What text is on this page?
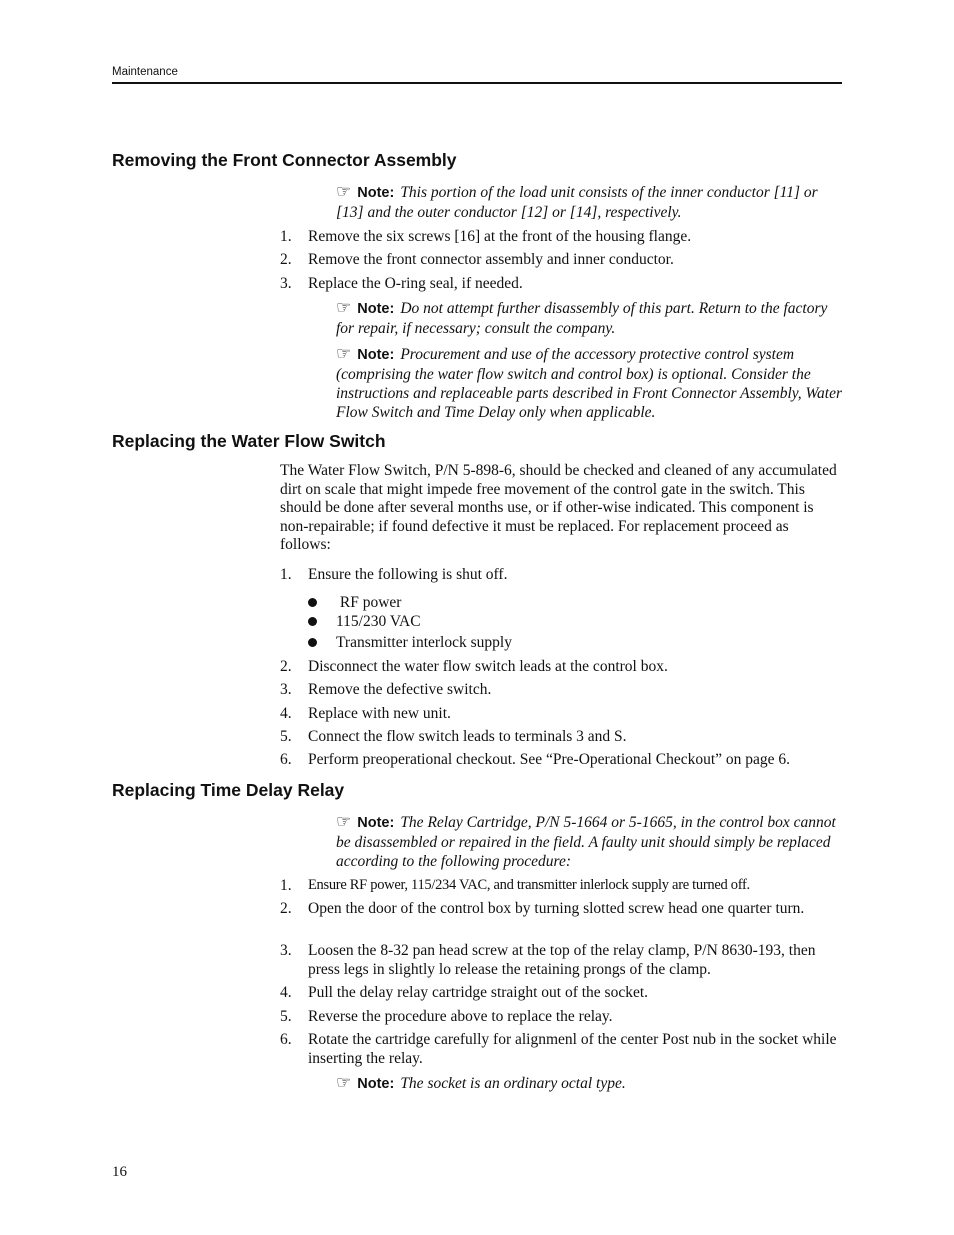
Maintenance
Removing the Front Connector Assembly
☞ Note: This portion of the load unit consists of the inner conductor [11] or [13] and the outer conductor [12] or [14], respectively.
1.	Remove the six screws [16] at the front of the housing flange.
2.	Remove the front connector assembly and inner conductor.
3.	Replace the O-ring seal, if needed.
☞ Note: Do not attempt further disassembly of this part. Return to the factory for repair, if necessary; consult the company.
☞ Note: Procurement and use of the accessory protective control system (comprising the water flow switch and control box) is optional. Consider the instructions and replaceable parts described in Front Connector Assembly, Water Flow Switch and Time Delay only when applicable.
Replacing the Water Flow Switch
The Water Flow Switch, P/N 5-898-6, should be checked and cleaned of any accumulated dirt on scale that might impede free movement of the control gate in the switch. This should be done after several months use, or if other-wise indicated. This component is non-repairable; if found defective it must be replaced. For replacement proceed as follows:
1.	Ensure the following is shut off.
RF power
115/230 VAC
Transmitter interlock supply
2.	Disconnect the water flow switch leads at the control box.
3.	Remove the defective switch.
4.	Replace with new unit.
5.	Connect the flow switch leads to terminals 3 and S.
6.	Perform preoperational checkout. See “Pre-Operational Checkout” on page 6.
Replacing Time Delay Relay
☞ Note: The Relay Cartridge, P/N 5-1664 or 5-1665, in the control box cannot be disassembled or repaired in the field. A faulty unit should simply be replaced according to the following procedure:
1.	Ensure RF power, 115/234 VAC, and transmitter inlerlock supply are turned off.
2.	Open the door of the control box by turning slotted screw head one quarter turn.
3.	Loosen the 8-32 pan head screw at the top of the relay clamp, P/N 8630-193, then press legs in slightly lo release the retaining prongs of the clamp.
4.	Pull the delay relay cartridge straight out of the socket.
5.	Reverse the procedure above to replace the relay.
6.	Rotate the cartridge carefully for alignmenl of the center Post nub in the socket while inserting the relay.
☞ Note: The socket is an ordinary octal type.
16
